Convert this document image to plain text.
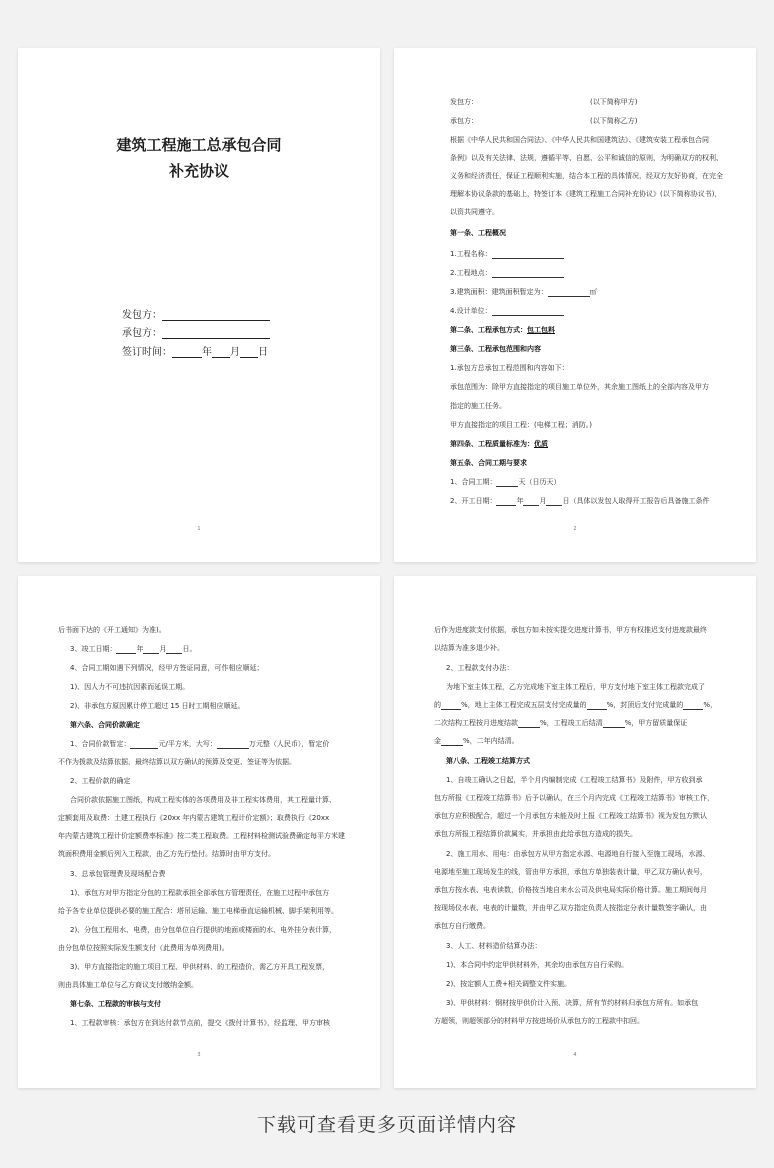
建筑工程施工总承包合同
补充协议
发包方：
承包方：
签订时间：	年 月 日
1
发包方：	(以下简称甲方)
承包方：	(以下简称乙方)
根据《中华人民共和国合同法》、《中华人民共和国建筑法》、《建筑安装工程承包合同
条例》以及有关法律、法规，遵循平等、自愿、公平和诚信的原则，为明确双方的权利、
义务和经济责任，保证工程顺利实施，结合本工程的具体情况，经双方友好协商，在完全
理解本协议条款的基础上，特签订本《建筑工程施工合同补充协议》(以下简称协议书)，
以资共同遵守。
第一条、工程概况
1.工程名称：
2.工程地点：
3.建筑面积：建筑面积暂定为：	㎡
4.设计单位：
第二条、工程承包方式：包工包料
第三条、工程承包范围和内容
1.承包方总承包工程范围和内容如下：
承包范围为：除甲方直接指定的项目施工单位外，其余施工图纸上的全部内容及甲方
指定的施工任务。
甲方直接指定的项目工程：(电梯工程；消防。)
第四条、工程质量标准为：优质
第五条、合同工期与要求
1、合同工期：	天（日历天）
2、开工日期：	年 月 日（具体以发包人取得开工报告后具备施工条件
2
后书面下达的《开工通知》为准)。
3、竣工日期：	年 月 日。
4、合同工期如遇下列情况，经甲方签证同意，可作相应顺延；
1)、因人力不可违抗因素而延误工期。
2)、非承包方原因累计停工超过 15 日时工期相应顺延。
第六条、合同价款确定
1、合同价款暂定：	元/平方米，大写：	万元整（人民币），暂定价
不作为拨款及结算依据，最终结算以双方确认的预算及变更、签证等为依据。
2、工程价款的确定
合同价款依据施工图纸，构成工程实体的各项费用及非工程实体费用，其工程量计算、
定额套用及取费：土建工程执行《20xx 年内蒙古建筑工程计价定额》；取费执行《20xx
年内蒙古建筑工程计价定额费率标准》按二类工程取费。工程材料检测试验费确定每平方米建
筑面积费用金额后列入工程款，由乙方先行垫付。结算时由甲方支付。
3、总承包管理费及现场配合费
1)、承包方对甲方指定分包的工程款承担全部承包方管理责任，在施工过程中承包方
给予各专业单位提供必要的施工配合：塔吊运输、施工电梯垂直运输机械、脚手架利用等。
2)、分包工程用水、电费，由分包单位自行提供的地面或楼面的水、电外挂分表计算，
由分包单位按照实际发生额支付（此费用为单列费用)。
3)、甲方直接指定的施工项目工程、甲供材料、的工程造价，需乙方开具工程发票，
则由具体施工单位与乙方商议支付缴纳金额。
第七条、工程款的审核与支付
1、工程款审核：承包方在到达付款节点前，提交《拨付计算书》，经监理、甲方审核
3
后作为进度款支付依据，承包方如未按实提交进度计算书，甲方有权推迟支付进度款最终
以结算为准多退少补。
2、工程款支付办法：
为地下室主体工程，乙方完成地下室主体工程后，甲方支付地下室主体工程款完成了
的	%，地上主体工程完成五层支付完成量的	%，封顶后支付完成量的	%，
二次结构工程按月进度结款	%，工程竣工后结清	%，甲方留质量保证
金	%，二年内结清。
第八条、工程竣工结算方式
1、自竣工确认之日起，半个月内编制完成《工程竣工结算书》及附件，甲方收到承
包方所报《工程竣工结算书》后予以确认，在三个月内完成《工程竣工结算书》审核工作，
承包方应积极配合，超过一个月承包方未能及时上报《工程竣工结算书》视为发包方默认
承包方所报工程结算价款属实，并承担由此给承包方造成的损失。
2、施工用水、用电：由承包方从甲方指定水源、电源地自行接入至施工现场，水源、
电源地至施工现场发生的线，管由甲方承担，承包方单独装表计量，甲乙双方确认表号，
承包方按水表、电表读数，价格按当地自来水公司及供电局实际价格计算。施工期间每月
按现场仪水表、电表的计量数，并由甲乙双方指定负责人按指定分表计量数签字确认，由
承包方自行缴费。
3、人工、材料造价结算办法：
1)、本合同中约定甲供材料外，其余均由承包方自行采购。
2)、按定额人工费+相关调整文件实施。
3)、甲供材料：钢材按甲供价计入预、决算，所有节约材料归承包方所有。如承包
方超领，则超领部分的材料甲方按进场价从承包方的工程款中扣回。
4
下载可查看更多页面详情内容
